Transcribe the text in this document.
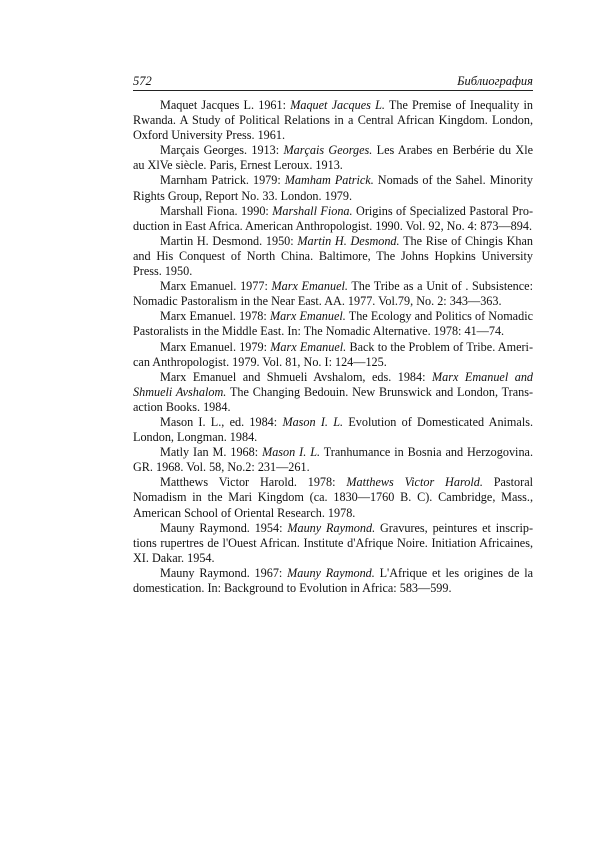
572	Библиография

Maquet Jacques L. 1961: Maquet Jacques L. The Premise of Inequality in Rwanda. A Study of Political Relations in a Central African Kingdom. London, Oxford University Press. 1961.

Marçais Georges. 1913: Marçais Georges. Les Arabes en Berbérie du Xle au XlVe siècle. Paris, Ernest Leroux. 1913.

Marnham Patrick. 1979: Mamham Patrick. Nomads of the Sahel. Minority Rights Group, Report No. 33. London. 1979.

Marshall Fiona. 1990: Marshall Fiona. Origins of Specialized Pastoral Production in East Africa. American Anthropologist. 1990. Vol. 92, No. 4: 873—894.

Martin H. Desmond. 1950: Martin H. Desmond. The Rise of Chingis Khan and His Conquest of North China. Baltimore, The Johns Hopkins University Press. 1950.

Marx Emanuel. 1977: Marx Emanuel. The Tribe as a Unit of . Subsistence: Nomadic Pastoralism in the Near East. AA. 1977. Vol.79, No. 2: 343—363.

Marx Emanuel. 1978: Marx Emanuel. The Ecology and Politics of Nomadic Pastoralists in the Middle East. In: The Nomadic Alternative. 1978: 41—74.

Marx Emanuel. 1979: Marx Emanuel. Back to the Problem of Tribe. American Anthropologist. 1979. Vol. 81, No. I: 124—125.

Marx Emanuel and Shmueli Avshalom, eds. 1984: Marx Emanuel and Shmueli Avshalom. The Changing Bedouin. New Brunswick and London, Transaction Books. 1984.

Mason I. L., ed. 1984: Mason I. L. Evolution of Domesticated Animals. London, Longman. 1984.

Matly Ian M. 1968: Mason I. L. Tranhumance in Bosnia and Herzogovina. GR. 1968. Vol. 58, No.2: 231—261.

Matthews Victor Harold. 1978: Matthews Victor Harold. Pastoral Nomadism in the Mari Kingdom (ca. 1830—1760 B. C). Cambridge, Mass., American School of Oriental Research. 1978.

Mauny Raymond. 1954: Mauny Raymond. Gravures, peintures et inscriptions rupertres de l'Ouest African. Institute d'Afrique Noire. Initiation Africaines, XI. Dakar. 1954.

Mauny Raymond. 1967: Mauny Raymond. L'Afrique et les origines de la domestication. In: Background to Evolution in Africa: 583—599.
